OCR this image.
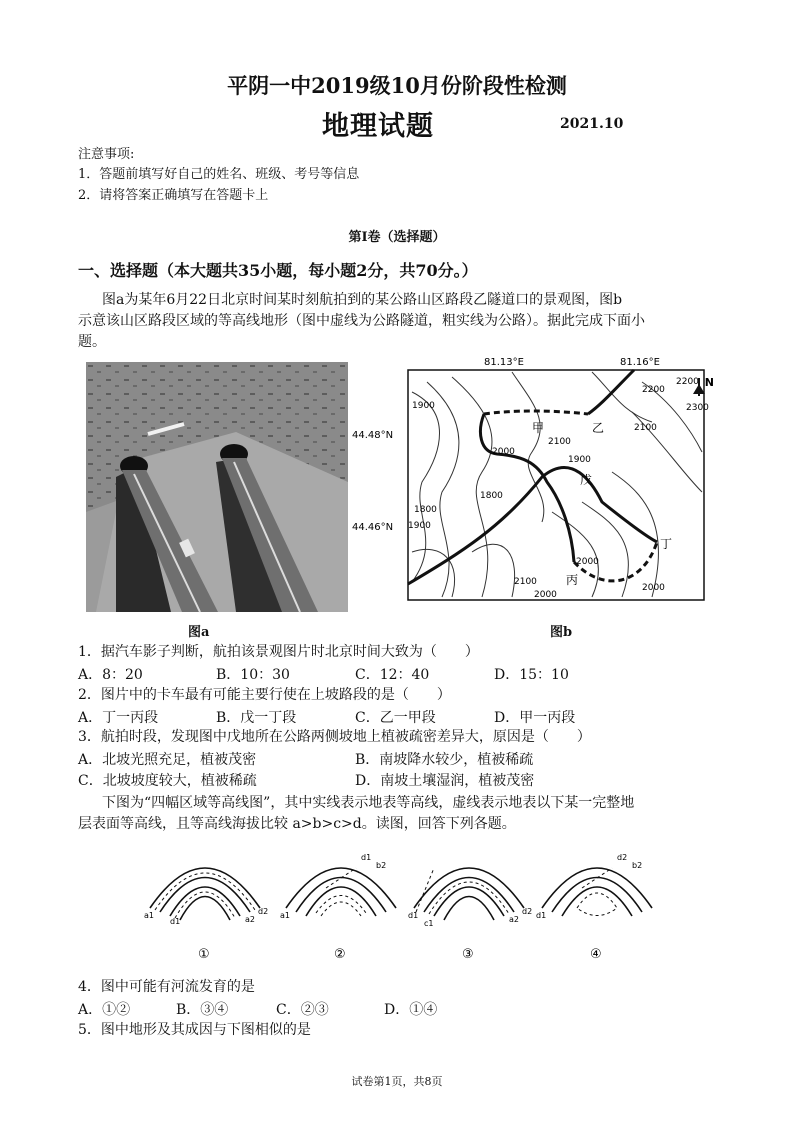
平阴一中2019级10月份阶段性检测
地理试题	2021.10
注意事项:
1．答题前填写好自己的姓名、班级、考号等信息
2．请将答案正确填写在答题卡上
第Ⅰ卷（选择题）
一、选择题（本大题共35小题，每小题2分，共70分。）
图a为某年6月22日北京时间某时刻航拍到的某公路山区路段乙隧道口的景观图，图b
示意该山区路段区域的等高线地形（图中虚线为公路隧道，粗实线为公路）。据此完成下面小
题。
81.13°E	81.16°E
44.48°N
44.46°N
N
甲	乙
戊
丁
丙
1900
2200
2200
2300
2100
2100
2000
1900
1800
1800
1900
2000
2100
2000
2000
图a	图b
1．据汽车影子判断，航拍该景观图片时北京时间大致为（　　）
A．8：20	B．10：30	C．12：40	D．15：10
2．图片中的卡车最有可能主要行使在上坡路段的是（　　）
A．丁一丙段	B．戊一丁段	C．乙一甲段	D．甲一丙段
3．航拍时段，发现图中戊地所在公路两侧坡地上植被疏密差异大，原因是（　　）
A．北坡光照充足，植被茂密	B．南坡降水较少，植被稀疏
C．北坡坡度较大，植被稀疏	D．南坡土壤湿润，植被茂密
下图为“四幅区域等高线图”，其中实线表示地表等高线，虚线表示地表以下某一完整地
层表面等高线，且等高线海拔比较 a>b>c>d。读图，回答下列各题。
a1
d1	a2
d2
①
a1
d1
b2
②
d1
c1	a2
d2
③
d1
d2
b2
④
4．图中可能有河流发育的是
A．①②	B．③④	C．②③	D．①④
5．图中地形及其成因与下图相似的是
试卷第1页，共8页
